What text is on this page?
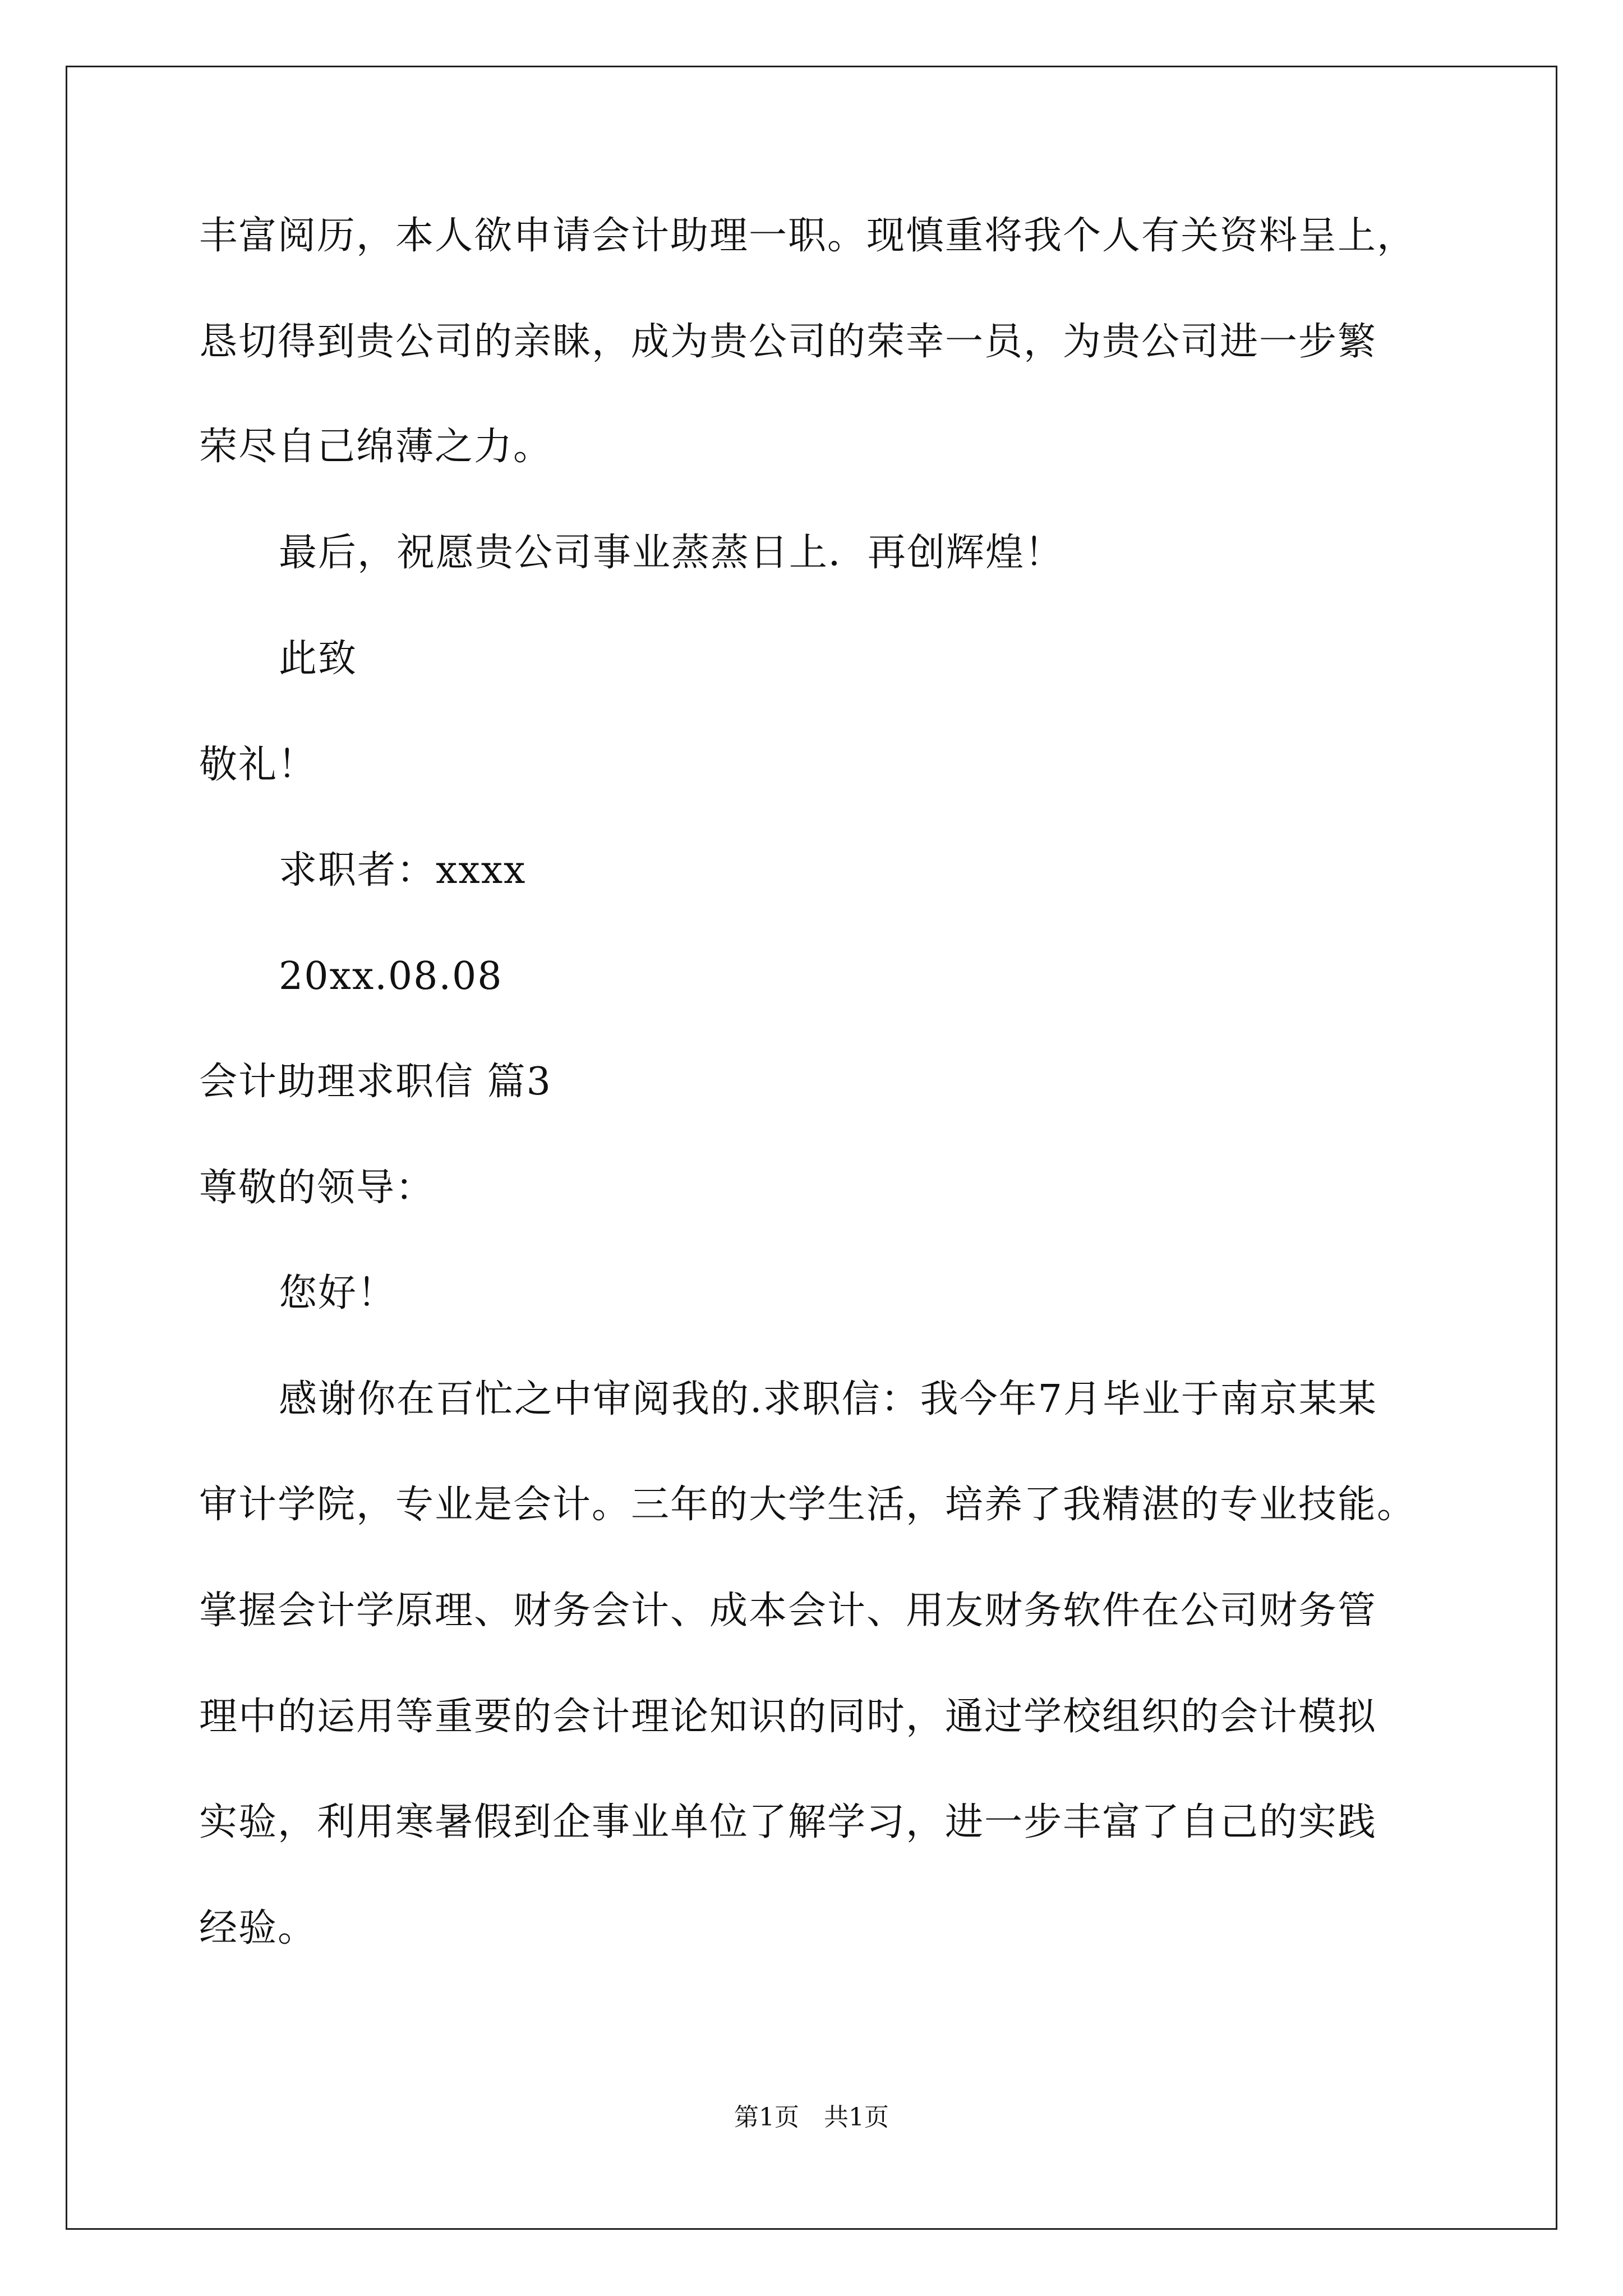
丰富阅历，本人欲申请会计助理一职。现慎重将我个人有关资料呈上，
恳切得到贵公司的亲睐，成为贵公司的荣幸一员，为贵公司进一步繁
荣尽自己绵薄之力。
最后，祝愿贵公司事业蒸蒸日上．再创辉煌！
此致
敬礼！
求职者：xxxx
20xx.08.08
会计助理求职信 篇3
尊敬的领导：
您好！
感谢你在百忙之中审阅我的.求职信：我今年7月毕业于南京某某
审计学院，专业是会计。三年的大学生活，培养了我精湛的专业技能。
掌握会计学原理、财务会计、成本会计、用友财务软件在公司财务管
理中的运用等重要的会计理论知识的同时，通过学校组织的会计模拟
实验，利用寒暑假到企事业单位了解学习，进一步丰富了自己的实践
经验。
第1页　共1页
